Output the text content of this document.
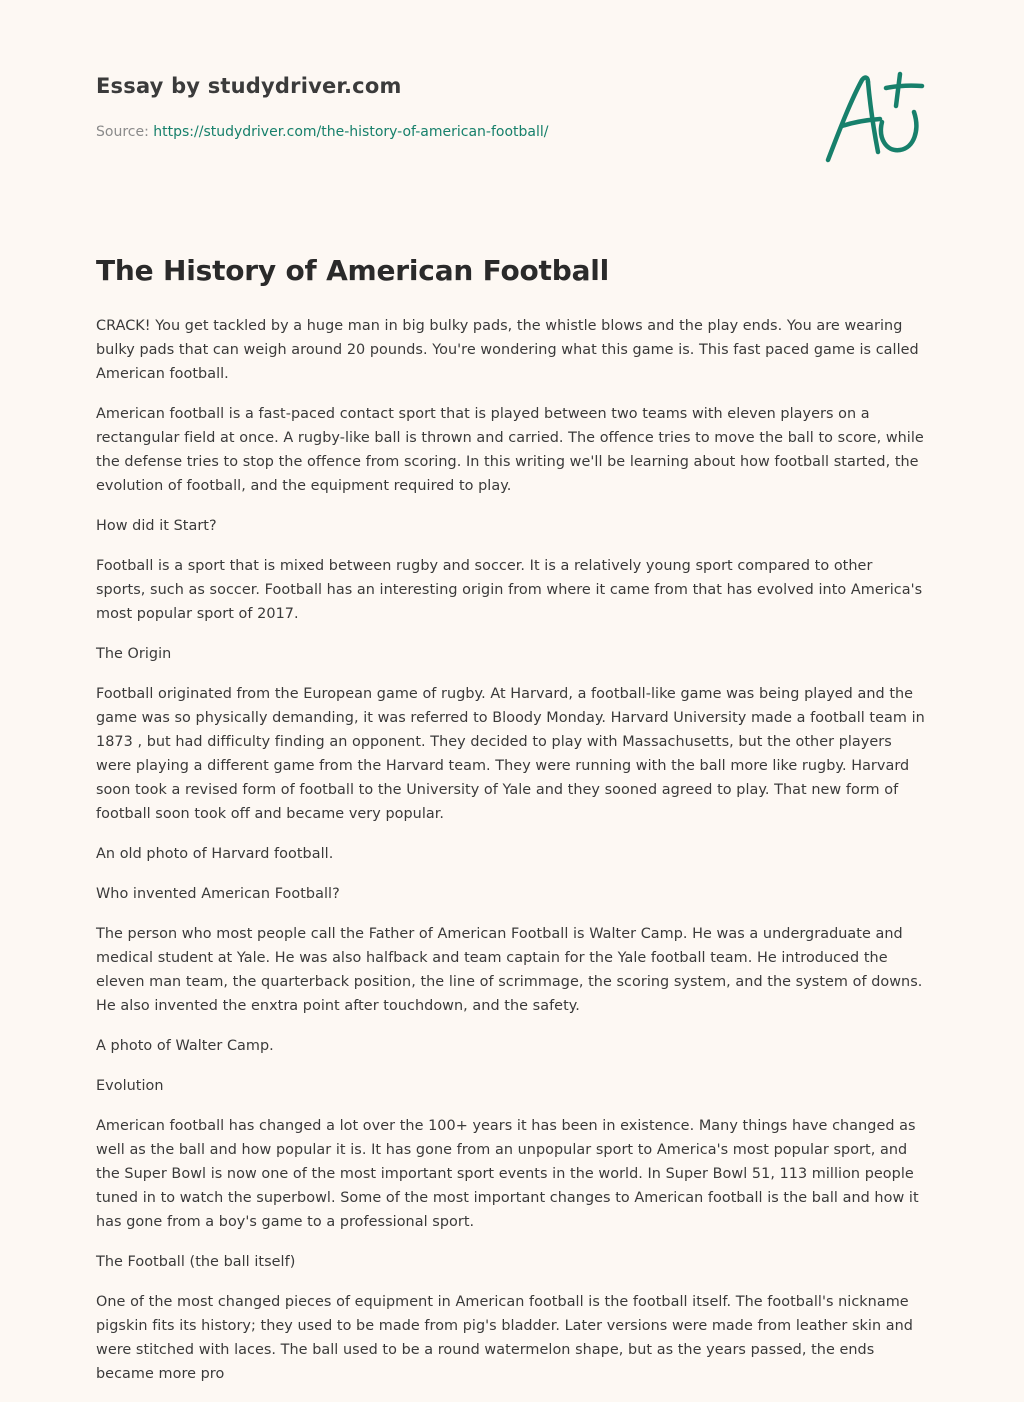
Essay by studydriver.com

Source: https://studydriver.com/the-history-of-american-football/

The History of American Football

CRACK! You get tackled by a huge man in big bulky pads, the whistle blows and the play ends. You are wearing bulky pads that can weigh around 20 pounds. You're wondering what this game is. This fast paced game is called American football.

American football is a fast-paced contact sport that is played between two teams with eleven players on a rectangular field at once. A rugby-like ball is thrown and carried. The offence tries to move the ball to score, while the defense tries to stop the offence from scoring. In this writing we'll be learning about how football started, the evolution of football, and the equipment required to play.

How did it Start?

Football is a sport that is mixed between rugby and soccer. It is a relatively young sport compared to other sports, such as soccer. Football has an interesting origin from where it came from that has evolved into America's most popular sport of 2017.

The Origin

Football originated from the European game of rugby. At Harvard, a football-like game was being played and the game was so physically demanding, it was referred to Bloody Monday. Harvard University made a football team in 1873 , but had difficulty finding an opponent. They decided to play with Massachusetts, but the other players were playing a different game from the Harvard team. They were running with the ball more like rugby. Harvard soon took a revised form of football to the University of Yale and they sooned agreed to play. That new form of football soon took off and became very popular.

An old photo of Harvard football.

Who invented American Football?

The person who most people call the Father of American Football is Walter Camp. He was a undergraduate and medical student at Yale. He was also halfback and team captain for the Yale football team. He introduced the eleven man team, the quarterback position, the line of scrimmage, the scoring system, and the system of downs. He also invented the enxtra point after touchdown, and the safety.

A photo of Walter Camp.

Evolution

American football has changed a lot over the 100+ years it has been in existence. Many things have changed as well as the ball and how popular it is. It has gone from an unpopular sport to America's most popular sport, and the Super Bowl is now one of the most important sport events in the world. In Super Bowl 51, 113 million people tuned in to watch the superbowl. Some of the most important changes to American football is the ball and how it has gone from a boy's game to a professional sport.

The Football (the ball itself)

One of the most changed pieces of equipment in American football is the football itself. The football's nickname pigskin fits its history; they used to be made from pig's bladder. Later versions were made from leather skin and were stitched with laces. The ball used to be a round watermelon shape, but as the years passed, the ends became more pro
